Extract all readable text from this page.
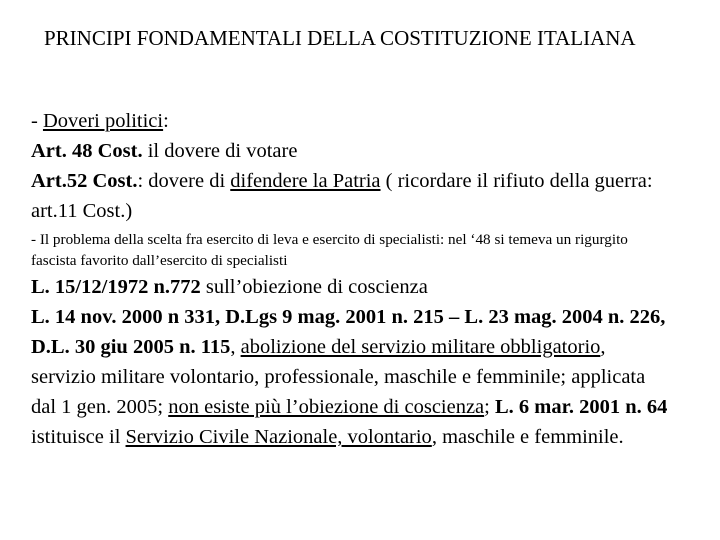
PRINCIPI FONDAMENTALI DELLA COSTITUZIONE ITALIANA

- Doveri politici:

Art. 48 Cost. il dovere di votare

Art.52 Cost.: dovere di difendere la Patria ( ricordare il rifiuto della guerra: art.11 Cost.)

- Il problema della scelta fra esercito di leva e esercito di specialisti: nel ‘48 si temeva un rigurgito fascista favorito dall’esercito di specialisti

L. 15/12/1972 n.772 sull’obiezione di coscienza

L. 14 nov. 2000 n 331, D.Lgs 9 mag. 2001 n. 215 – L. 23 mag. 2004 n. 226, D.L. 30 giu 2005 n. 115, abolizione del servizio militare obbligatorio, servizio militare volontario, professionale, maschile e femminile; applicata dal 1 gen. 2005; non esiste più l’obiezione di coscienza; L. 6 mar. 2001 n. 64 istituisce il Servizio Civile Nazionale, volontario, maschile e femminile.
